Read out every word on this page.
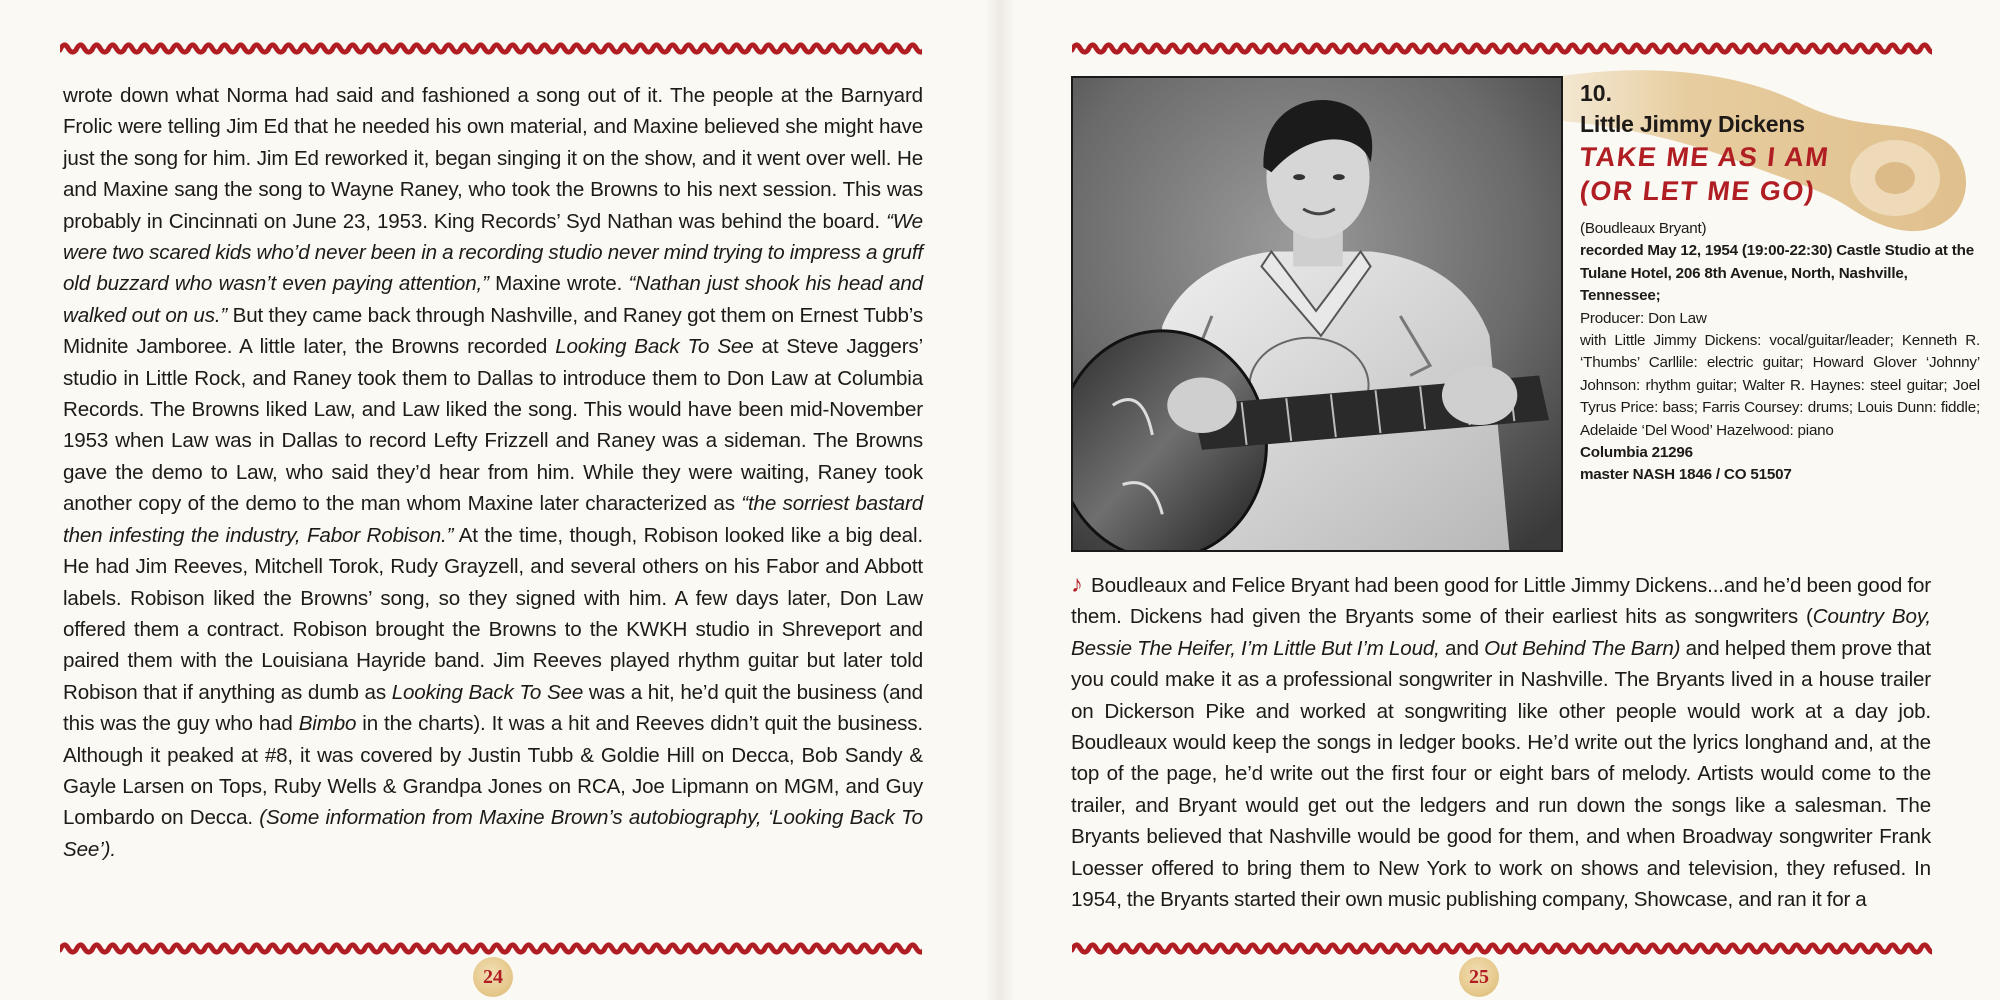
wrote down what Norma had said and fashioned a song out of it. The people at the Barnyard Frolic were telling Jim Ed that he needed his own material, and Maxine believed she might have just the song for him. Jim Ed reworked it, began singing it on the show, and it went over well. He and Maxine sang the song to Wayne Raney, who took the Browns to his next session. This was probably in Cincinnati on June 23, 1953. King Records’ Syd Nathan was behind the board. “We were two scared kids who’d never been in a recording studio never mind trying to impress a gruff old buzzard who wasn’t even paying attention,” Maxine wrote. “Nathan just shook his head and walked out on us.” But they came back through Nashville, and Raney got them on Ernest Tubb’s Midnite Jamboree. A little later, the Browns recorded Looking Back To See at Steve Jaggers’ studio in Little Rock, and Raney took them to Dallas to introduce them to Don Law at Columbia Records. The Browns liked Law, and Law liked the song. This would have been mid-November 1953 when Law was in Dallas to record Lefty Frizzell and Raney was a sideman. The Browns gave the demo to Law, who said they’d hear from him. While they were waiting, Raney took another copy of the demo to the man whom Maxine later characterized as “the sorriest bastard then infesting the industry, Fabor Robison.” At the time, though, Robison looked like a big deal. He had Jim Reeves, Mitchell Torok, Rudy Grayzell, and several others on his Fabor and Abbott labels. Robison liked the Browns’ song, so they signed with him. A few days later, Don Law offered them a contract. Robison brought the Browns to the KWKH studio in Shreveport and paired them with the Louisiana Hayride band. Jim Reeves played rhythm guitar but later told Robison that if anything as dumb as Looking Back To See was a hit, he’d quit the business (and this was the guy who had Bimbo in the charts). It was a hit and Reeves didn’t quit the business. Although it peaked at #8, it was covered by Justin Tubb & Goldie Hill on Decca, Bob Sandy & Gayle Larsen on Tops, Ruby Wells & Grandpa Jones on RCA, Joe Lipmann on MGM, and Guy Lombardo on Decca. (Some information from Maxine Brown’s autobiography, ‘Looking Back To See’).

24
10.
Little Jimmy Dickens
TAKE ME AS I AM
(OR LET ME GO)
(Boudleaux Bryant)
recorded May 12, 1954 (19:00-22:30) Castle Studio at the Tulane Hotel, 206 8th Avenue, North, Nashville, Tennessee;
Producer: Don Law
with Little Jimmy Dickens: vocal/guitar/leader; Kenneth R. ‘Thumbs’ Carllile: electric guitar; Howard Glover ‘Johnny’ Johnson: rhythm guitar; Walter R. Haynes: steel guitar; Joel Tyrus Price: bass; Farris Coursey: drums; Louis Dunn: fiddle; Adelaide ‘Del Wood’ Hazelwood: piano
Columbia 21296
master NASH 1846 / CO 51507

♪ Boudleaux and Felice Bryant had been good for Little Jimmy Dickens...and he’d been good for them. Dickens had given the Bryants some of their earliest hits as songwriters (Country Boy, Bessie The Heifer, I’m Little But I’m Loud, and Out Behind The Barn) and helped them prove that you could make it as a professional songwriter in Nashville. The Bryants lived in a house trailer on Dickerson Pike and worked at songwriting like other people would work at a day job. Boudleaux would keep the songs in ledger books. He’d write out the lyrics longhand and, at the top of the page, he’d write out the first four or eight bars of melody. Artists would come to the trailer, and Bryant would get out the ledgers and run down the songs like a salesman. The Bryants believed that Nashville would be good for them, and when Broadway songwriter Frank Loesser offered to bring them to New York to work on shows and television, they refused. In 1954, the Bryants started their own music publishing company, Showcase, and ran it for a

25
